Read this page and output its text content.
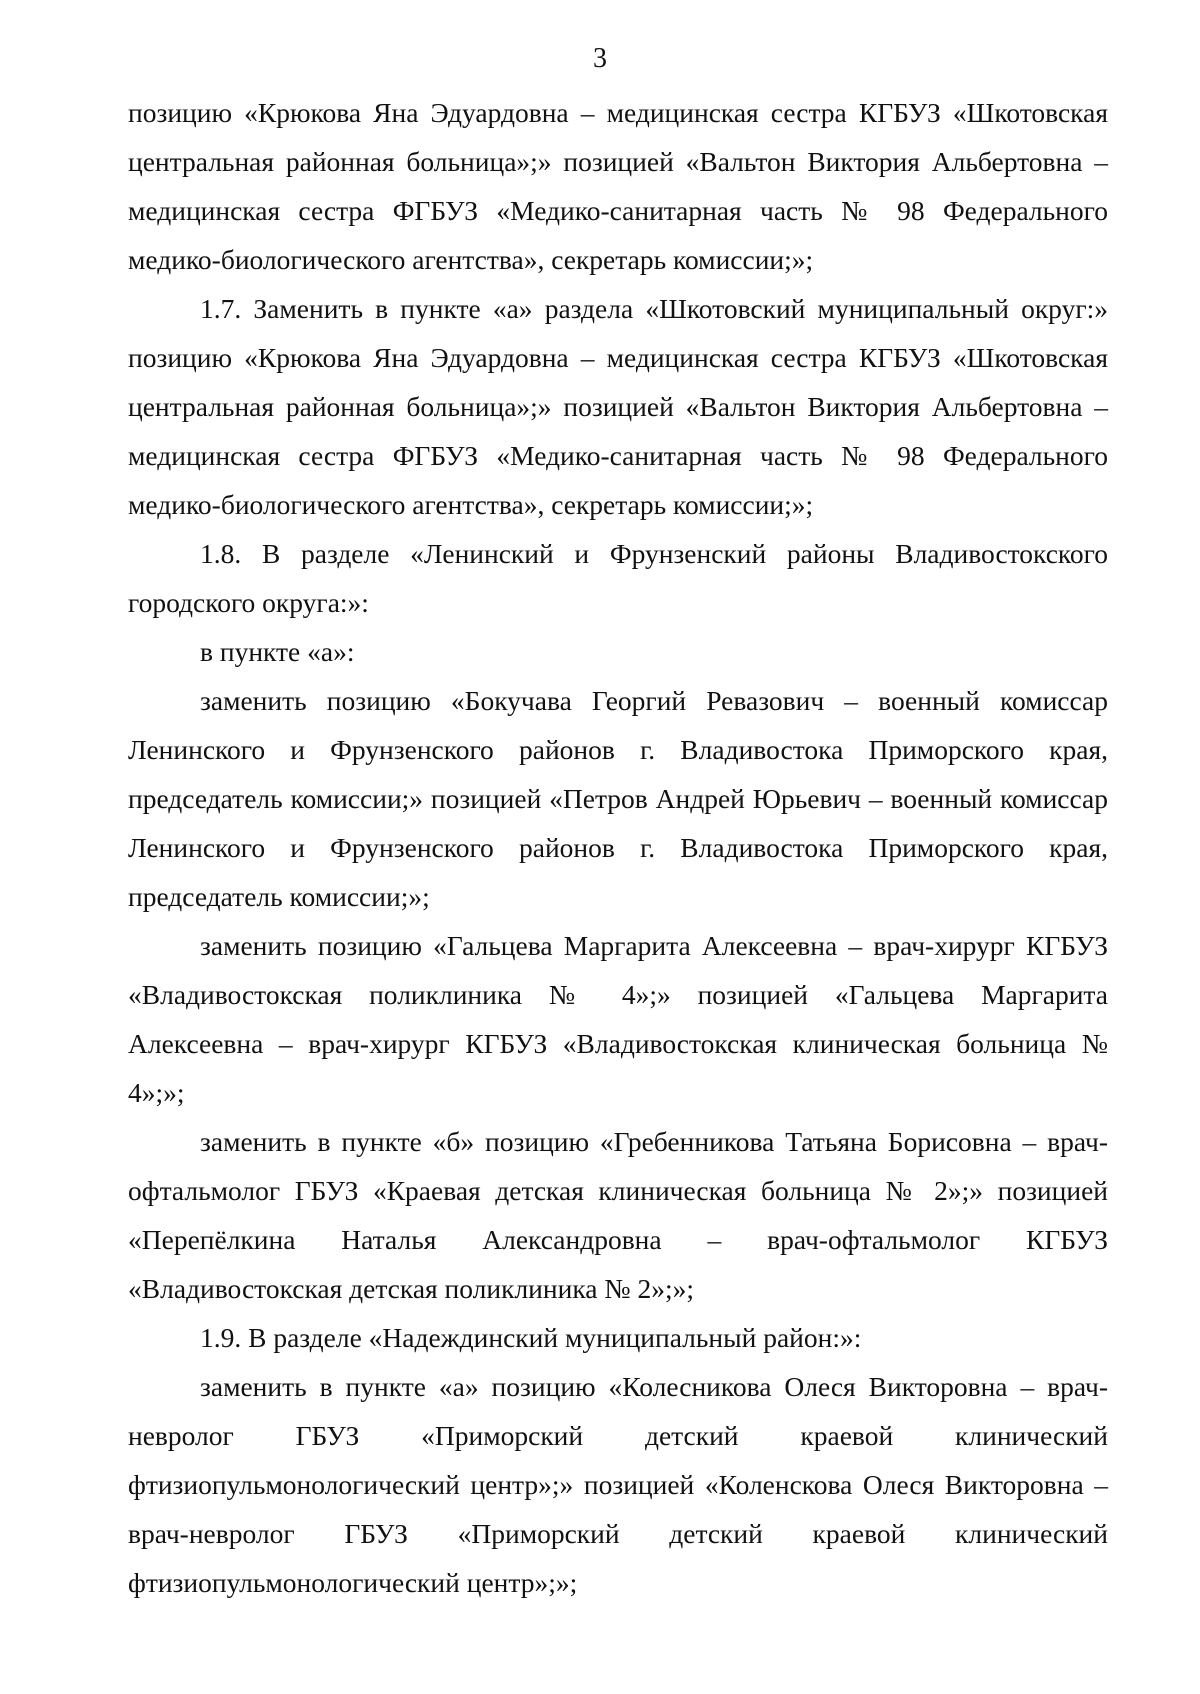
3

позицию «Крюкова Яна Эдуардовна – медицинская сестра КГБУЗ «Шкотовская центральная районная больница»;» позицией «Вальтон Виктория Альбертовна – медицинская сестра ФГБУЗ «Медико-санитарная часть № 98 Федерального медико-биологического агентства», секретарь комиссии;»;

1.7. Заменить в пункте «а» раздела «Шкотовский муниципальный округ:» позицию «Крюкова Яна Эдуардовна – медицинская сестра КГБУЗ «Шкотовская центральная районная больница»;» позицией «Вальтон Виктория Альбертовна – медицинская сестра ФГБУЗ «Медико-санитарная часть № 98 Федерального медико-биологического агентства», секретарь комиссии;»;

1.8. В разделе «Ленинский и Фрунзенский районы Владивостокского городского округа:»:

в пункте «а»:

заменить позицию «Бокучава Георгий Ревазович – военный комиссар Ленинского и Фрунзенского районов г. Владивостока Приморского края, председатель комиссии;» позицией «Петров Андрей Юрьевич – военный комиссар Ленинского и Фрунзенского районов г. Владивостока Приморского края, председатель комиссии;»;

заменить позицию «Гальцева Маргарита Алексеевна – врач-хирург КГБУЗ «Владивостокская поликлиника № 4»;» позицией «Гальцева Маргарита Алексеевна – врач-хирург КГБУЗ «Владивостокская клиническая больница № 4»;»;

заменить в пункте «б» позицию «Гребенникова Татьяна Борисовна – врач-офтальмолог ГБУЗ «Краевая детская клиническая больница № 2»;» позицией «Перепёлкина Наталья Александровна – врач-офтальмолог КГБУЗ «Владивостокская детская поликлиника № 2»;»;

1.9. В разделе «Надеждинский муниципальный район:»:

заменить в пункте «а» позицию «Колесникова Олеся Викторовна – врач-невролог ГБУЗ «Приморский детский краевой клинический фтизиопульмонологический центр»;» позицией «Коленскова Олеся Викторовна – врач-невролог ГБУЗ «Приморский детский краевой клинический фтизиопульмонологический центр»;»;
